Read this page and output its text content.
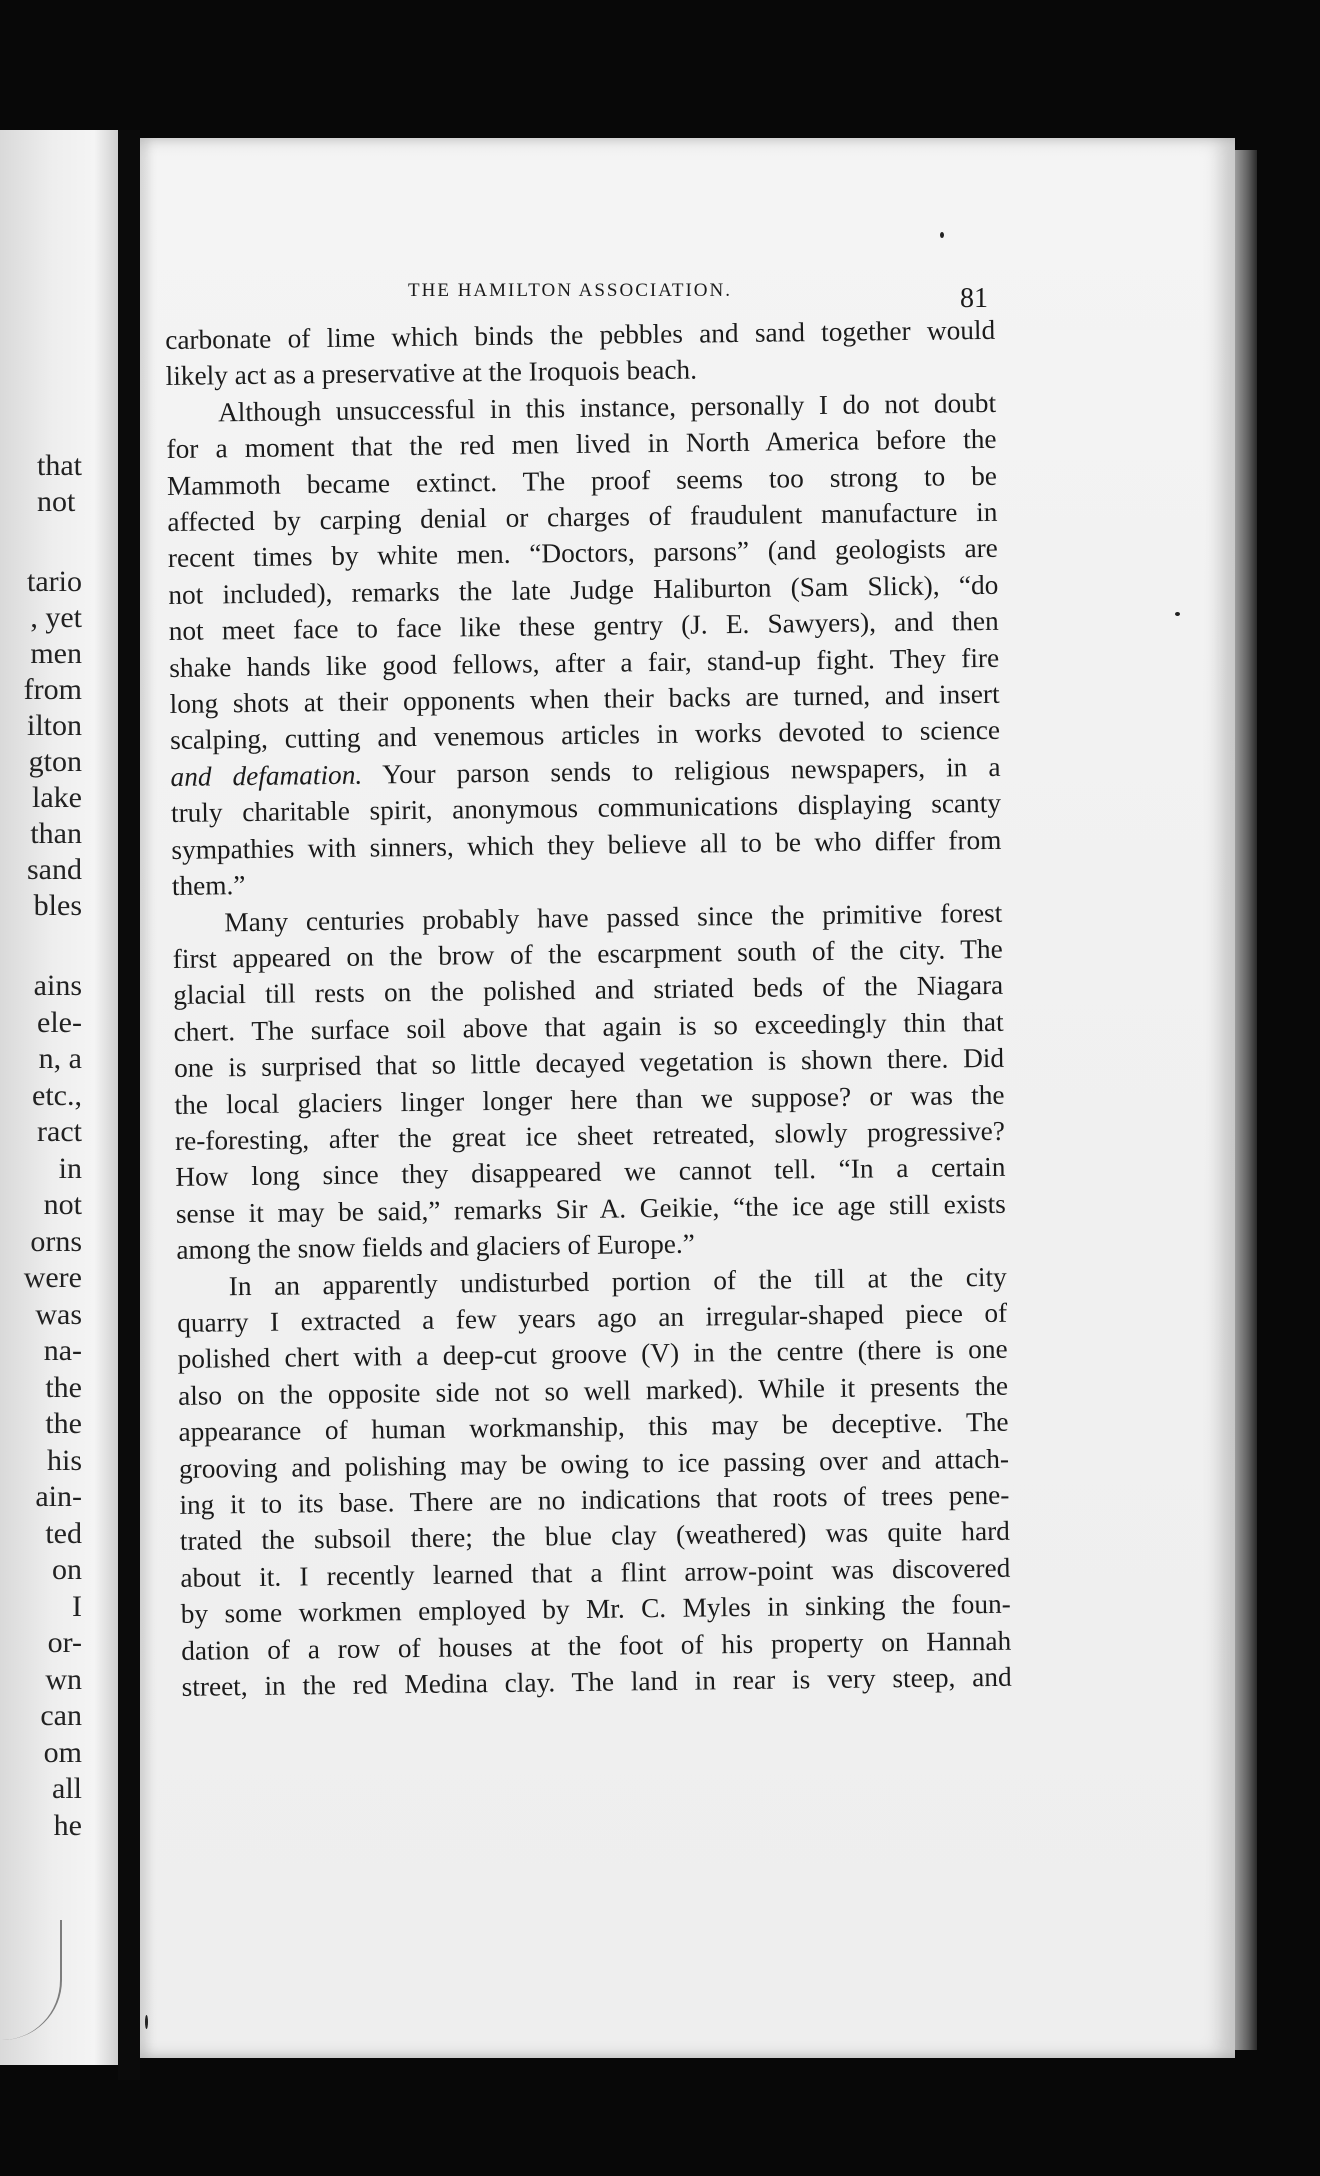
that
not
tario
, yet
men
from
ilton
gton
lake
than
sand
bles
ains
ele-
n, a
etc.,
ract
in
not
orns
were
was
na-
the
the
his
ain-
ted
on
I
or-
wn
can
om
all
he
THE HAMILTON ASSOCIATION.	81
carbonate of lime which binds the pebbles and sand together would
likely act as a preservative at the Iroquois beach.
Although unsuccessful in this instance, personally I do not doubt
for a moment that the red men lived in North America before the
Mammoth became extinct. The proof seems too strong to be
affected by carping denial or charges of fraudulent manufacture in
recent times by white men. “Doctors, parsons” (and geologists are
not included), remarks the late Judge Haliburton (Sam Slick), “do
not meet face to face like these gentry (J. E. Sawyers), and then
shake hands like good fellows, after a fair, stand-up fight. They fire
long shots at their opponents when their backs are turned, and insert
scalping, cutting and venemous articles in works devoted to science
and defamation. Your parson sends to religious newspapers, in a
truly charitable spirit, anonymous communications displaying scanty
sympathies with sinners, which they believe all to be who differ from
them.”
Many centuries probably have passed since the primitive forest
first appeared on the brow of the escarpment south of the city. The
glacial till rests on the polished and striated beds of the Niagara
chert. The surface soil above that again is so exceedingly thin that
one is surprised that so little decayed vegetation is shown there. Did
the local glaciers linger longer here than we suppose? or was the
re-foresting, after the great ice sheet retreated, slowly progressive?
How long since they disappeared we cannot tell. “In a certain
sense it may be said,” remarks Sir A. Geikie, “the ice age still exists
among the snow fields and glaciers of Europe.”
In an apparently undisturbed portion of the till at the city
quarry I extracted a few years ago an irregular-shaped piece of
polished chert with a deep-cut groove (V) in the centre (there is one
also on the opposite side not so well marked). While it presents the
appearance of human workmanship, this may be deceptive. The
grooving and polishing may be owing to ice passing over and attach-
ing it to its base. There are no indications that roots of trees pene-
trated the subsoil there; the blue clay (weathered) was quite hard
about it. I recently learned that a flint arrow-point was discovered
by some workmen employed by Mr. C. Myles in sinking the foun-
dation of a row of houses at the foot of his property on Hannah
street, in the red Medina clay. The land in rear is very steep, and
